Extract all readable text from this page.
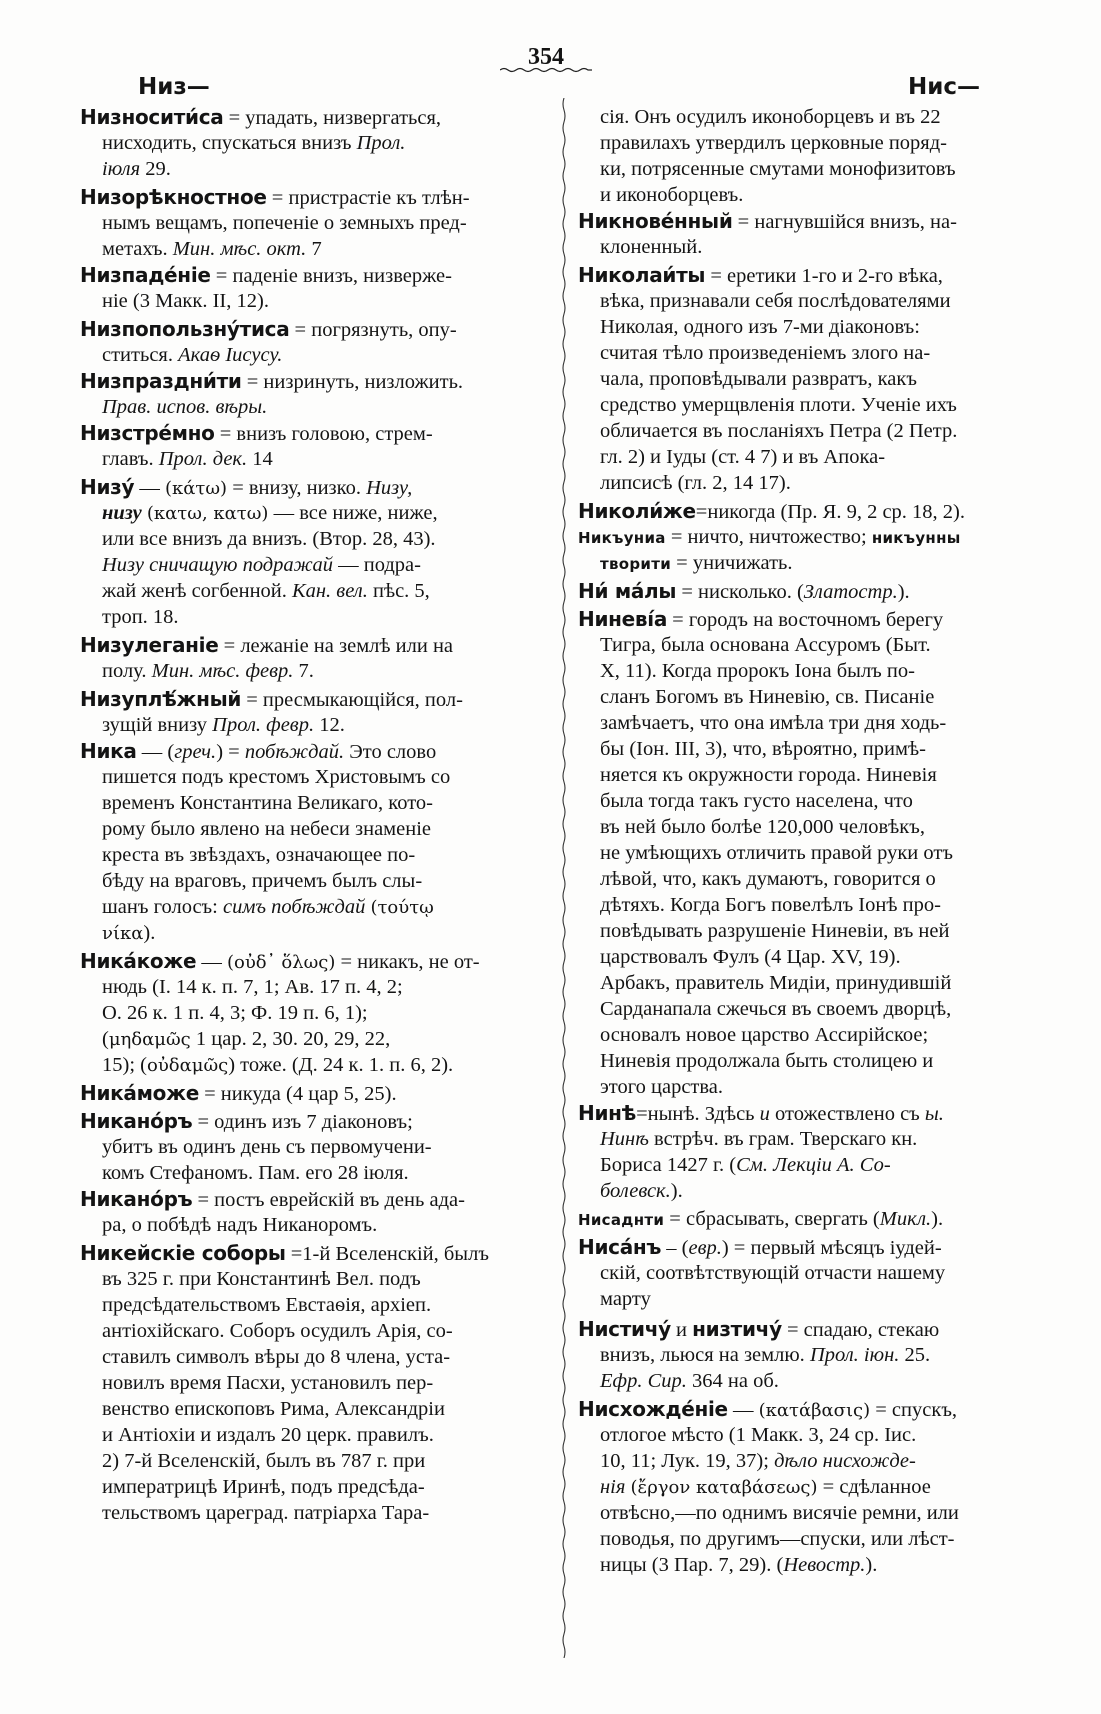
354
Низ—	Нис—
Низносити́са = упадать, низвергаться,
нисходить, спускаться внизъ Прол.
іюля 29.
Низорѣкностное = пристрастіе къ тлѣн-
нымъ вещамъ, попеченіе о земныхъ пред-
метахъ. Мин. мѣс. окт. 7
Низпаде́ніе = паденіе внизъ, низверже-
ніе (3 Макк. II, 12).
Низпопользну́тиса = погрязнуть, опу-
ститься. Акаѳ Іисусу.
Низпраздни́ти = низринуть, низложить.
Прав. испов. вѣры.
Низстре́мно = внизъ головою, стрем-
главъ. Прол. дек. 14
Низу́ — (κάτω) = внизу, низко. Низу,
низу (κατω, κατω) — все ниже, ниже,
или все внизъ да внизъ. (Втор. 28, 43).
Низу сничащую подражай — подра-
жай женѣ согбенной. Кан. вел. пѣс. 5,
троп. 18.
Низулеганіе = лежаніе на землѣ или на
полу. Мин. мѣс. февр. 7.
Низуплѣ́жный = пресмыкающійся, пол-
зущій внизу Прол. февр. 12.
Ника — (греч.) = побѣждай. Это слово
пишется подъ крестомъ Христовымъ со
временъ Константина Великаго, кото-
рому было явлено на небеси знаменіе
креста въ звѣздахъ, означающее по-
бѣду на враговъ, причемъ былъ слы-
шанъ голосъ: симъ побѣждай (τούτῳ
νίκα).
Ника́коже — (οὐδ᾽ ὅλως) = никакъ, не от-
нюдь (I. 14 к. п. 7, 1; Ав. 17 п. 4, 2;
О. 26 к. 1 п. 4, 3; Ф. 19 п. 6, 1);
(μηδαμῶς 1 цар. 2, 30. 20, 29, 22,
15); (οὐδαμῶς) тоже. (Д. 24 к. 1. п. 6, 2).
Ника́може = никуда (4 цар 5, 25).
Никано́ръ = одинъ изъ 7 діаконовъ;
убитъ въ одинъ день съ первомучени-
комъ Стефаномъ. Пам. его 28 іюля.
Никано́ръ = постъ еврейскій въ день ада-
ра, о побѣдѣ надъ Никаноромъ.
Никейскіе соборы =1-й Вселенскій, былъ
въ 325 г. при Константинѣ Вел. подъ
предсѣдательствомъ Евстаѳія, архіеп.
антіохійскаго. Соборъ осудилъ Арія, со-
ставилъ символъ вѣры до 8 члена, уста-
новилъ время Пасхи, установилъ пер-
венство епископовъ Рима, Александріи
и Антіохіи и издалъ 20 церк. правилъ.
2) 7-й Вселенскій, былъ въ 787 г. при
императрицѣ Иринѣ, подъ предсѣда-
тельствомъ цареград. патріарха Тара-
сія. Онъ осудилъ иконоборцевъ и въ 22
правилахъ утвердилъ церковные поряд-
ки, потрясенные смутами монофизитовъ
и иконоборцевъ.
Никнове́нный = нагнувшійся внизъ, на-
клоненный.
Николаи́ты = еретики 1-го и 2-го вѣка,
вѣка, признавали себя послѣдователями
Николая, одного изъ 7-ми діаконовъ:
считая тѣло произведеніемъ злого на-
чала, проповѣдывали развратъ, какъ
средство умерщвленія плоти. Ученіе ихъ
обличается въ посланіяхъ Петра (2 Петр.
гл. 2) и Іуды (ст. 4 7) и въ Апока-
липсисѣ (гл. 2, 14 17).
Николи́же=никогда (Пр. Я. 9, 2 ср. 18, 2).
Никъуниа = ничто, ничтожество; никъунны
творити = уничижать.
Ни́ ма́лы = нисколько. (Златостр.).
Ниневі́а = городъ на восточномъ берегу
Тигра, была основана Ассуромъ (Быт.
X, 11). Когда пророкъ Іона былъ по-
сланъ Богомъ въ Ниневію, св. Писаніе
замѣчаетъ, что она имѣла три дня ходь-
бы (Іон. III, 3), что, вѣроятно, примѣ-
няется къ окружности города. Ниневія
была тогда такъ густо населена, что
въ ней было болѣе 120,000 человѣкъ,
не умѣющихъ отличить правой руки отъ
лѣвой, что, какъ думаютъ, говорится о
дѣтяхъ. Когда Богъ повелѣлъ Іонѣ про-
повѣдывать разрушеніе Ниневіи, въ ней
царствовалъ Фулъ (4 Цар. XV, 19).
Арбакъ, правитель Мидіи, принудившій
Сарданапала сжечься въ своемъ дворцѣ,
основалъ новое царство Ассирійское;
Ниневія продолжала быть столицею и
этого царства.
Нинѣ=нынѣ. Здѣсь и отожествлено съ ы.
Нинѣ встрѣч. въ грам. Тверскаго кн.
Бориса 1427 г. (См. Лекціи А. Со-
болевск.).
Нисаднти = сбрасывать, свергать (Микл.).
Ниса́нъ – (евр.) = первый мѣсяцъ іудей-
скій, соотвѣтствующій отчасти нашему
марту
Нистичу́ и низтичу́ = спадаю, стекаю
внизъ, льюся на землю. Прол. іюн. 25.
Ефр. Сир. 364 на об.
Нисхожде́ніе — (κατάβασις) = спускъ,
отлогое мѣсто (1 Макк. 3, 24 ср. Іис.
10, 11; Лук. 19, 37); дѣло нисхожде-
нія (ἔργον καταβάσεως) = сдѣланное
отвѣсно,—по однимъ висячіе ремни, или
поводья, по другимъ—спуски, или лѣст-
ницы (3 Пар. 7, 29). (Невостр.).
